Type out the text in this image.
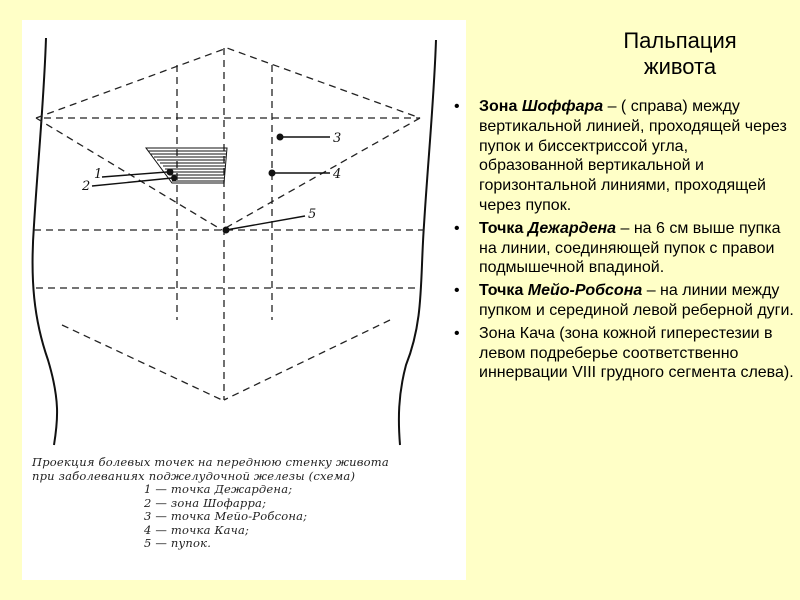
1
2
3
4
5
Проекция болевых точек на переднюю стенку живота
при заболеваниях поджелудочной железы (схема)
1 — точка Дежардена;
2 — зона Шофарра;
3 — точка Мейо-Робсона;
4 — точка Кача;
5 — пупок.
Пальпация
живота
• Зона Шоффара – ( справа) между вертикальной линией, проходящей через пупок и биссектриссой угла, образованной вертикальной и горизонтальной линиями, проходящей через пупок.
• Точка Дежардена – на 6 см выше пупка на линии, соединяющей пупок с правои подмышечной впадиной.
• Точка Мейо-Робсона – на линии между пупком и серединой левой реберной дуги.
• Зона Кача (зона кожной гиперестезии в левом подреберье соответственно иннервации VIII грудного сегмента слева).
